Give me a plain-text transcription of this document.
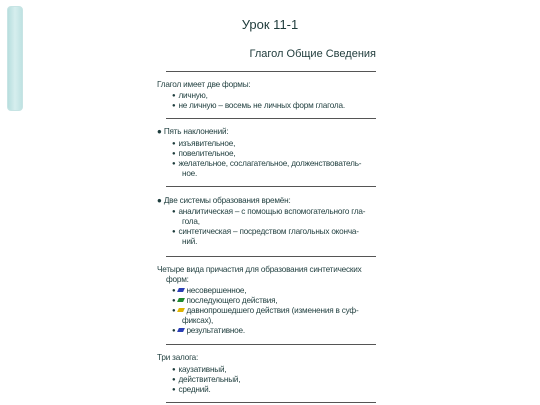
Урок 11-1
Глагол Общие Сведения
Глагол имеет две формы:
● личную,
● не личную – восемь не личных форм глагола.
● Пять наклонений:
● изъявительное,
● повелительное,
● желательное, сослагательное, долженствователь-
ное.
● Две системы образования времён:
● аналитическая – с помощью вспомогательного гла-
гола,
● синтетическая – посредством глагольных оконча-
ний.
Четыре вида причастия для образования синтетических
форм:
● несовершенное,
● последующего действия,
● давнопрошедшего действия (изменения в суф-
фиксах),
● результативное.
Три залога:
● каузативный,
● действительный,
● средний.
